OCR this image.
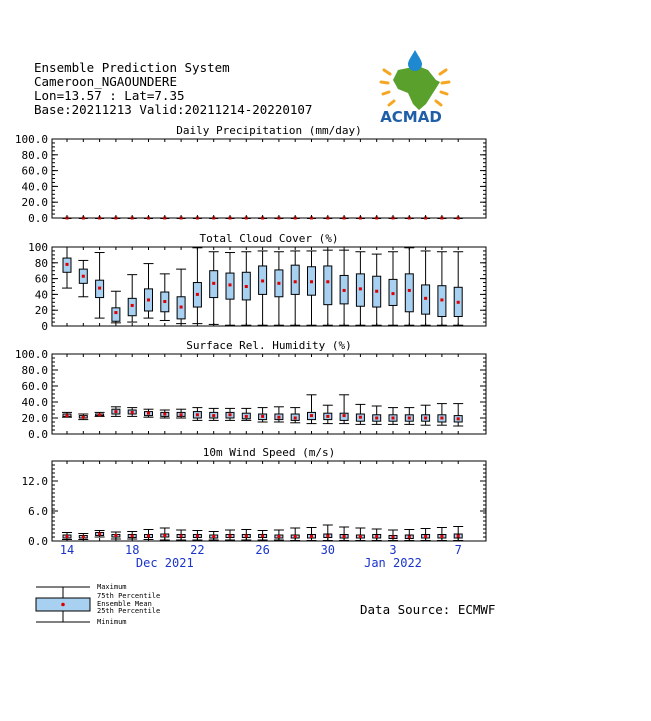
Ensemble Prediction System
Cameroon_NGAOUNDERE
Lon=13.57 : Lat=7.35
Base:20211213 Valid:20211214-20220107	ACMAD
Daily Precipitation (mm/day)
0.0
20.0
40.0
60.0
80.0
100.0
Total Cloud Cover (%)
0
20
40
60
80
100
Surface Rel. Humidity (%)
0.0
20.0
40.0
60.0
80.0
100.0
10m Wind Speed (m/s)
0.0
6.0
12.0
14	18	22	26	30	3	7
Dec 2021	Jan 2022
Maximum
75th Percentile
Ensemble Mean
25th Percentile
Minimum
Data Source: ECMWF
